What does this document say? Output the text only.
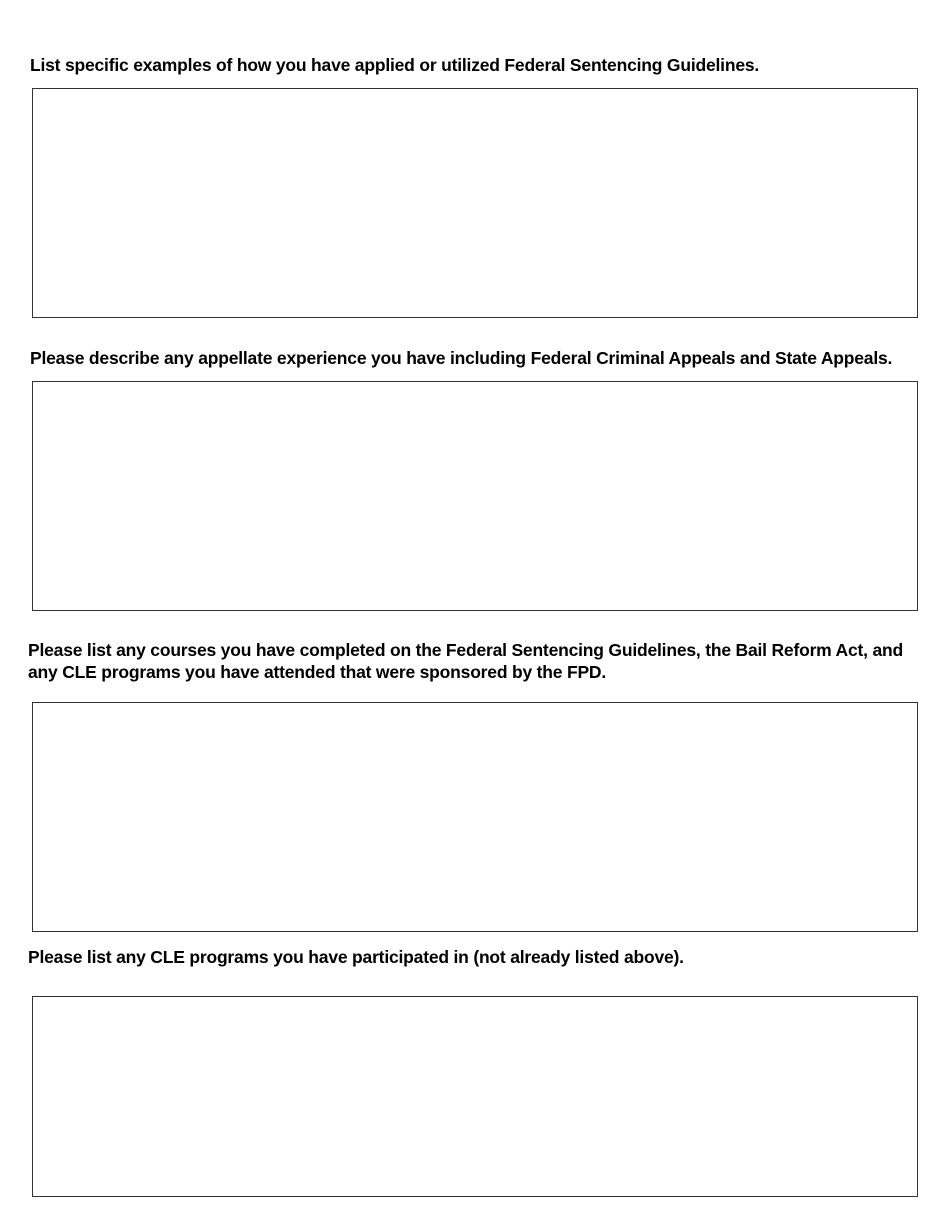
List specific examples of how you have applied or utilized Federal Sentencing Guidelines.

Please describe any appellate experience you have including Federal Criminal Appeals and State Appeals.

Please list any courses you have completed on the Federal Sentencing Guidelines, the Bail Reform Act, and
any CLE programs you have attended that were sponsored by the FPD.

Please list any CLE programs you have participated in (not already listed above).
